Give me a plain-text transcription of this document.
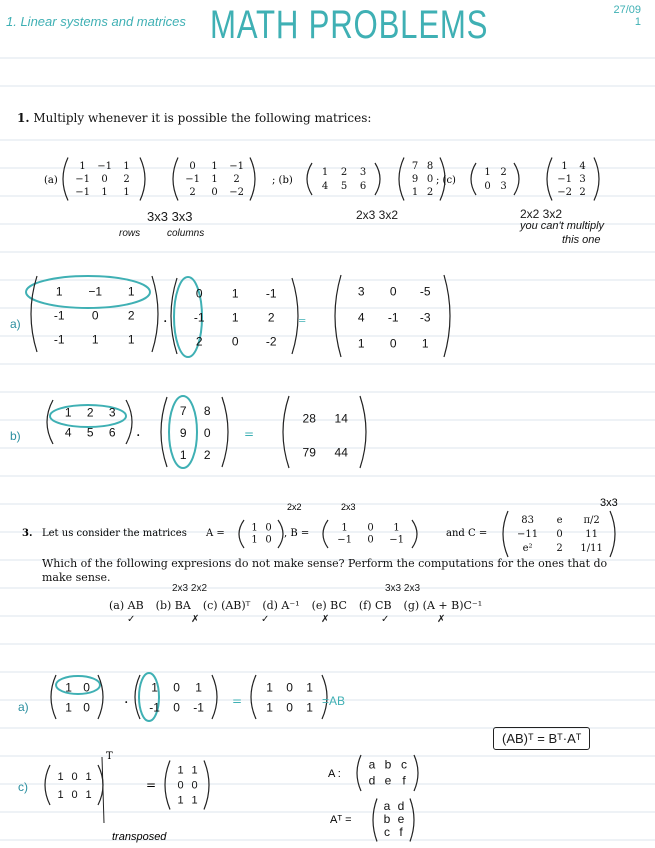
1. Linear systems and matrices MATH PROBLEMS	27/09
1
1. Multiply whenever it is possible the following matrices:
(a)
1 −1 1
−1 0 2
−1 1 1
0 1 −1
−1 1 2
2 0 −2
; (b)
1 2 3
4 5 6
7 8
9 0
1 2
; (c)
1 2
0 3
1 4
−1 3
−2 2
3x3 3x3
rows	columns
2x3 3x2	2x2 3x2
you can't multiply
this one
a)
1 −1 1
-1 0 2
-1 1 1
.
0 1 -1
-1 1 2
2 0 -2
=
3 0 -5
4 -1 -3
1 0 1
b)
1 2 3
4 5 6 .
7 8
9 0
1 2
=
28 14
79 44
3. Let us consider the matrices A =	1 0
1 0
, B =	1 0 1
−1 0 −1
and C =
83 e π/2
−11 0 11
e² 2 1/11
2x2	2x3	3x3
Which of the following expresions do not make sense? Perform the computations for the ones that do
make sense.
2x3 2x2	3x3 2x3
(a) AB (b) BA (c) (AB)ᵀ (d) A⁻¹ (e) BC (f) CB (g) (A + B)C⁻¹
✓	✗	✓	✗	✓	✗
a)
1 0
1 0
.
1 0 1
-1 0 -1 =
1 0 1
1 0 1 =AB
(AB)ᵀ = Bᵀ·Aᵀ
c)
1 0 1
1 0 1
T
=
1 1
0 0
1 1
transposed
A :
a b c
d e f
Aᵀ =
a d
b e
c f
